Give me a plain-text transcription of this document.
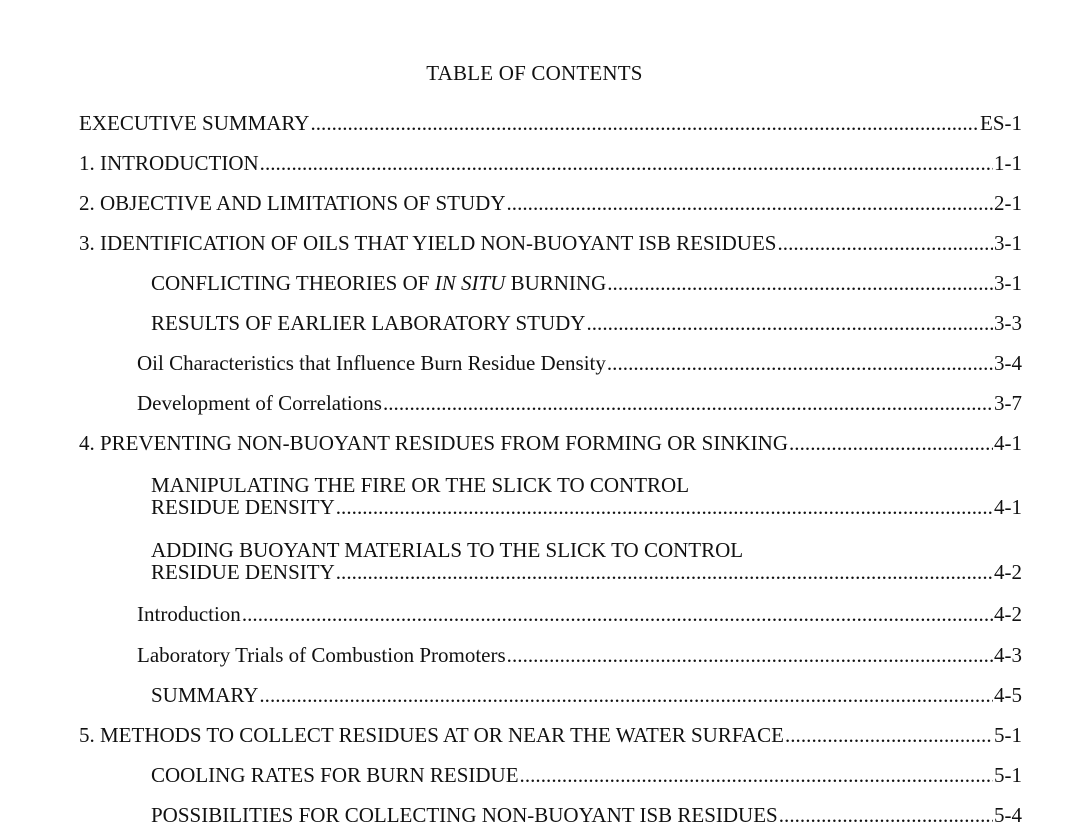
TABLE OF CONTENTS
EXECUTIVE SUMMARY . . .	ES-1
1. INTRODUCTION . . .	1-1
2. OBJECTIVE AND LIMITATIONS OF STUDY . . .	2-1
3. IDENTIFICATION OF OILS THAT YIELD NON-BUOYANT ISB RESIDUES . . .	3-1
CONFLICTING THEORIES OF IN SITU BURNING . . .	3-1
RESULTS OF EARLIER LABORATORY STUDY . . .	3-3
Oil Characteristics that Influence Burn Residue Density . . .	3-4
Development of Correlations . . .	3-7
4. PREVENTING NON-BUOYANT RESIDUES FROM FORMING OR SINKING . . .	4-1
MANIPULATING THE FIRE OR THE SLICK TO CONTROL
RESIDUE DENSITY . . .	4-1
ADDING BUOYANT MATERIALS TO THE SLICK TO CONTROL
RESIDUE DENSITY . . .	4-2
Introduction . . .	4-2
Laboratory Trials of Combustion Promoters . . .	4-3
SUMMARY . . .	4-5
5. METHODS TO COLLECT RESIDUES AT OR NEAR THE WATER SURFACE . . .	5-1
COOLING RATES FOR BURN RESIDUE . . .	5-1
POSSIBILITIES FOR COLLECTING NON-BUOYANT ISB RESIDUES . . .	5-4
